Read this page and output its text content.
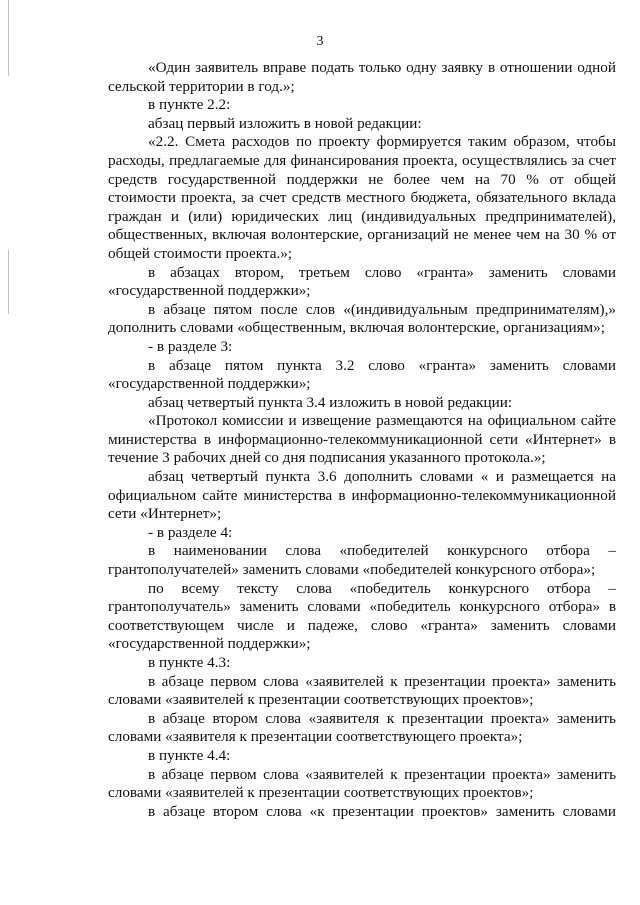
3

«Один заявитель вправе подать только одну заявку в отношении одной сельской территории в год.»;

в пункте 2.2:

абзац первый изложить в новой редакции:

«2.2. Смета расходов по проекту формируется таким образом, чтобы расходы, предлагаемые для финансирования проекта, осуществлялись за счет средств государственной поддержки не более чем на 70 % от общей стоимости проекта, за счет средств местного бюджета, обязательного вклада граждан и (или) юридических лиц (индивидуальных предпринимателей), общественных, включая волонтерские, организаций не менее чем на 30 % от общей стоимости проекта.»;

в абзацах втором, третьем слово «гранта» заменить словами «государственной поддержки»;

в абзаце пятом после слов «(индивидуальным предпринимателям),» дополнить словами «общественным, включая волонтерские, организациям»;

- в разделе 3:

в абзаце пятом пункта 3.2 слово «гранта» заменить словами «государственной поддержки»;

абзац четвертый пункта 3.4 изложить в новой редакции:

«Протокол комиссии и извещение размещаются на официальном сайте министерства в информационно-телекоммуникационной сети «Интернет» в течение 3 рабочих дней со дня подписания указанного протокола.»;

абзац четвертый пункта 3.6 дополнить словами « и размещается на официальном сайте министерства в информационно-телекоммуникационной сети «Интернет»;

- в разделе 4:

в наименовании слова «победителей конкурсного отбора – грантополучателей» заменить словами «победителей конкурсного отбора»;

по всему тексту слова «победитель конкурсного отбора – грантополучатель» заменить словами «победитель конкурсного отбора» в соответствующем числе и падеже, слово «гранта» заменить словами «государственной поддержки»;

в пункте 4.3:

в абзаце первом слова «заявителей к презентации проекта» заменить словами «заявителей к презентации соответствующих проектов»;

в абзаце втором слова «заявителя к презентации проекта» заменить словами «заявителя к презентации соответствующего проекта»;

в пункте 4.4:

в абзаце первом слова «заявителей к презентации проекта» заменить словами «заявителей к презентации соответствующих проектов»;

в абзаце втором слова «к презентации проектов» заменить словами
